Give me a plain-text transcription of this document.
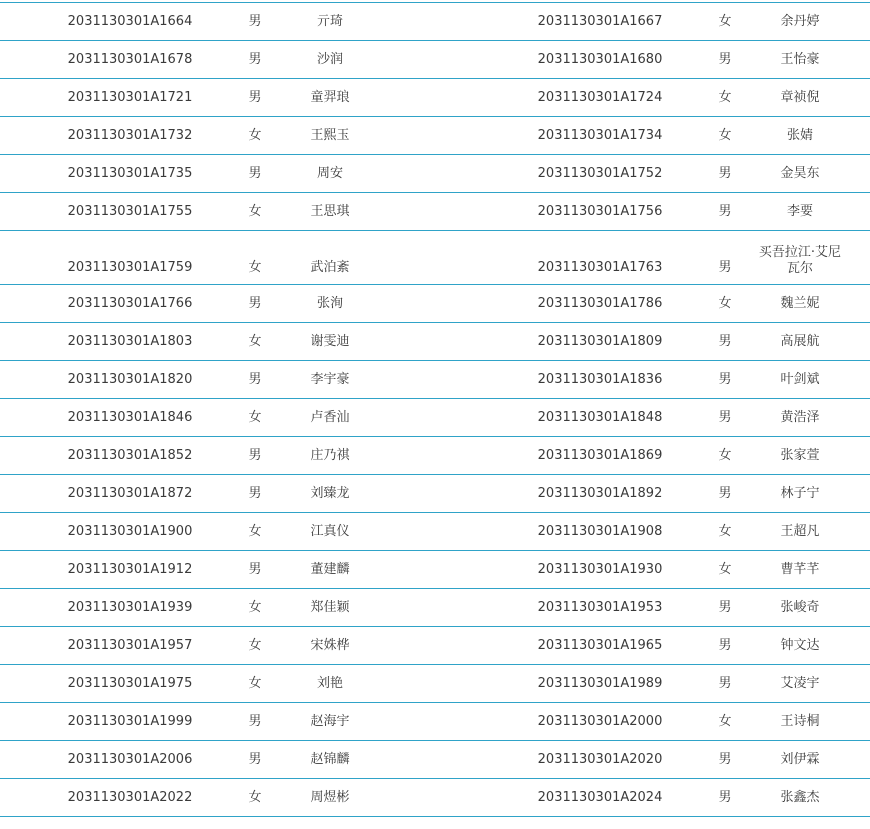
2031130301A1664	男	亓琦	2031130301A1667	女	余丹婷
2031130301A1678	男	沙润	2031130301A1680	男	王怡豪
2031130301A1721	男	童羿琅	2031130301A1724	女	章祯倪
2031130301A1732	女	王熙玉	2031130301A1734	女	张婧
2031130301A1735	男	周安	2031130301A1752	男	金昊东
2031130301A1755	女	王思琪	2031130301A1756	男	李要
2031130301A1759	女	武泊紊	2031130301A1763	男
买吾拉江·艾尼瓦尔
2031130301A1766	男	张洵	2031130301A1786	女	魏兰妮
2031130301A1803	女	谢雯迪	2031130301A1809	男	高展航
2031130301A1820	男	李宇豪	2031130301A1836	男	叶剑斌
2031130301A1846	女	卢香汕	2031130301A1848	男	黄浩泽
2031130301A1852	男	庄乃祺	2031130301A1869	女	张家萱
2031130301A1872	男	刘臻龙	2031130301A1892	男	林子宁
2031130301A1900	女	江真仪	2031130301A1908	女	王超凡
2031130301A1912	男	董建麟	2031130301A1930	女	曹芊芊
2031130301A1939	女	郑佳颖	2031130301A1953	男	张峻奇
2031130301A1957	女	宋姝桦	2031130301A1965	男	钟文达
2031130301A1975	女	刘艳	2031130301A1989	男	艾凌宇
2031130301A1999	男	赵海宇	2031130301A2000	女	王诗桐
2031130301A2006	男	赵锦麟	2031130301A2020	男	刘伊霖
2031130301A2022	女	周煜彬	2031130301A2024	男	张鑫杰
